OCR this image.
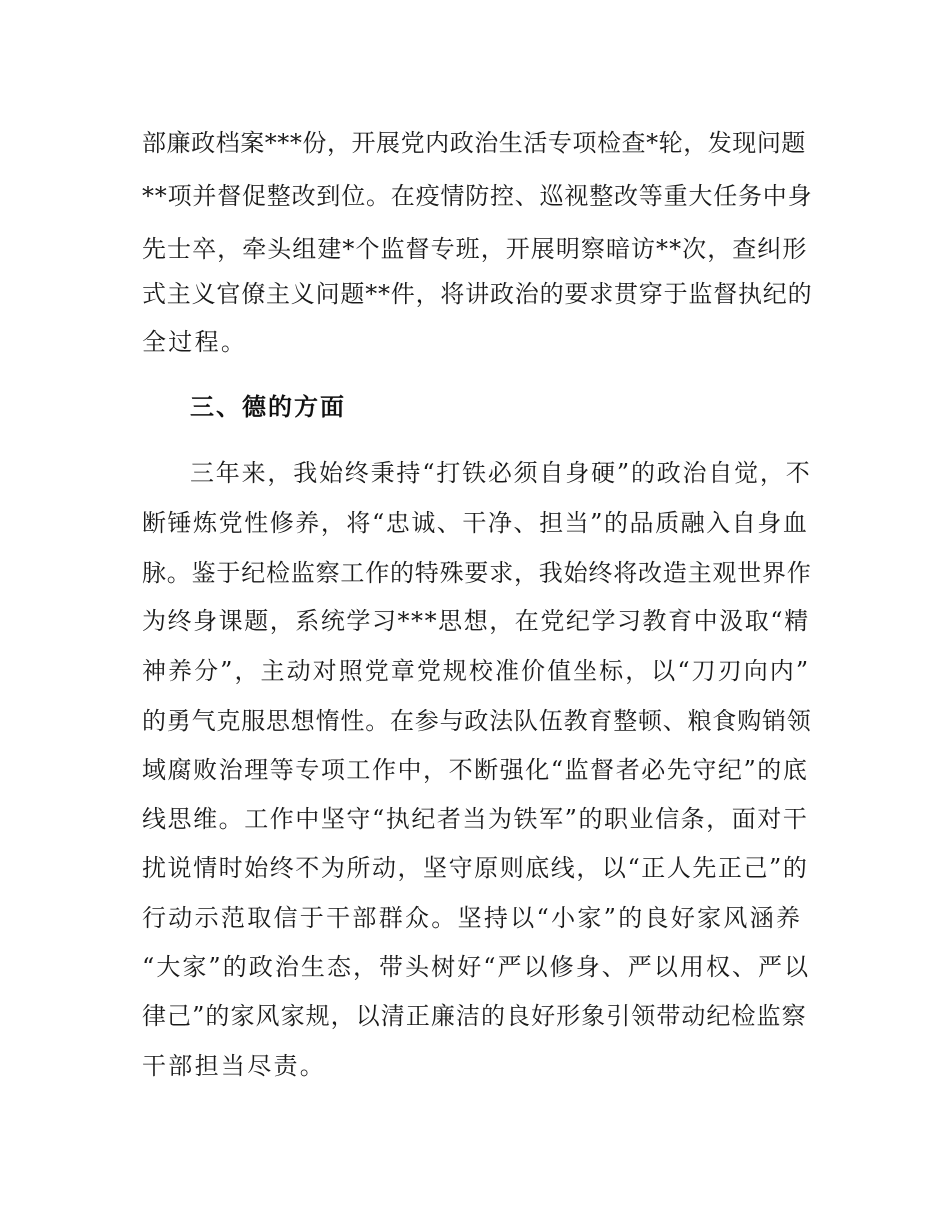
部廉政档案***份，开展党内政治生活专项检查*轮，发现问题
**项并督促整改到位。在疫情防控、巡视整改等重大任务中身
先士卒，牵头组建*个监督专班，开展明察暗访**次，查纠形
式主义官僚主义问题**件，将讲政治的要求贯穿于监督执纪的
全过程。
三、德的方面
三年来，我始终秉持“打铁必须自身硬”的政治自觉，不
断锤炼党性修养，将“忠诚、干净、担当”的品质融入自身血
脉。鉴于纪检监察工作的特殊要求，我始终将改造主观世界作
为终身课题，系统学习***思想，在党纪学习教育中汲取“精
神养分”，主动对照党章党规校准价值坐标，以“刀刃向内”
的勇气克服思想惰性。在参与政法队伍教育整顿、粮食购销领
域腐败治理等专项工作中，不断强化“监督者必先守纪”的底
线思维。工作中坚守“执纪者当为铁军”的职业信条，面对干
扰说情时始终不为所动，坚守原则底线，以“正人先正己”的
行动示范取信于干部群众。坚持以“小家”的良好家风涵养
“大家”的政治生态，带头树好“严以修身、严以用权、严以
律己”的家风家规，以清正廉洁的良好形象引领带动纪检监察
干部担当尽责。
